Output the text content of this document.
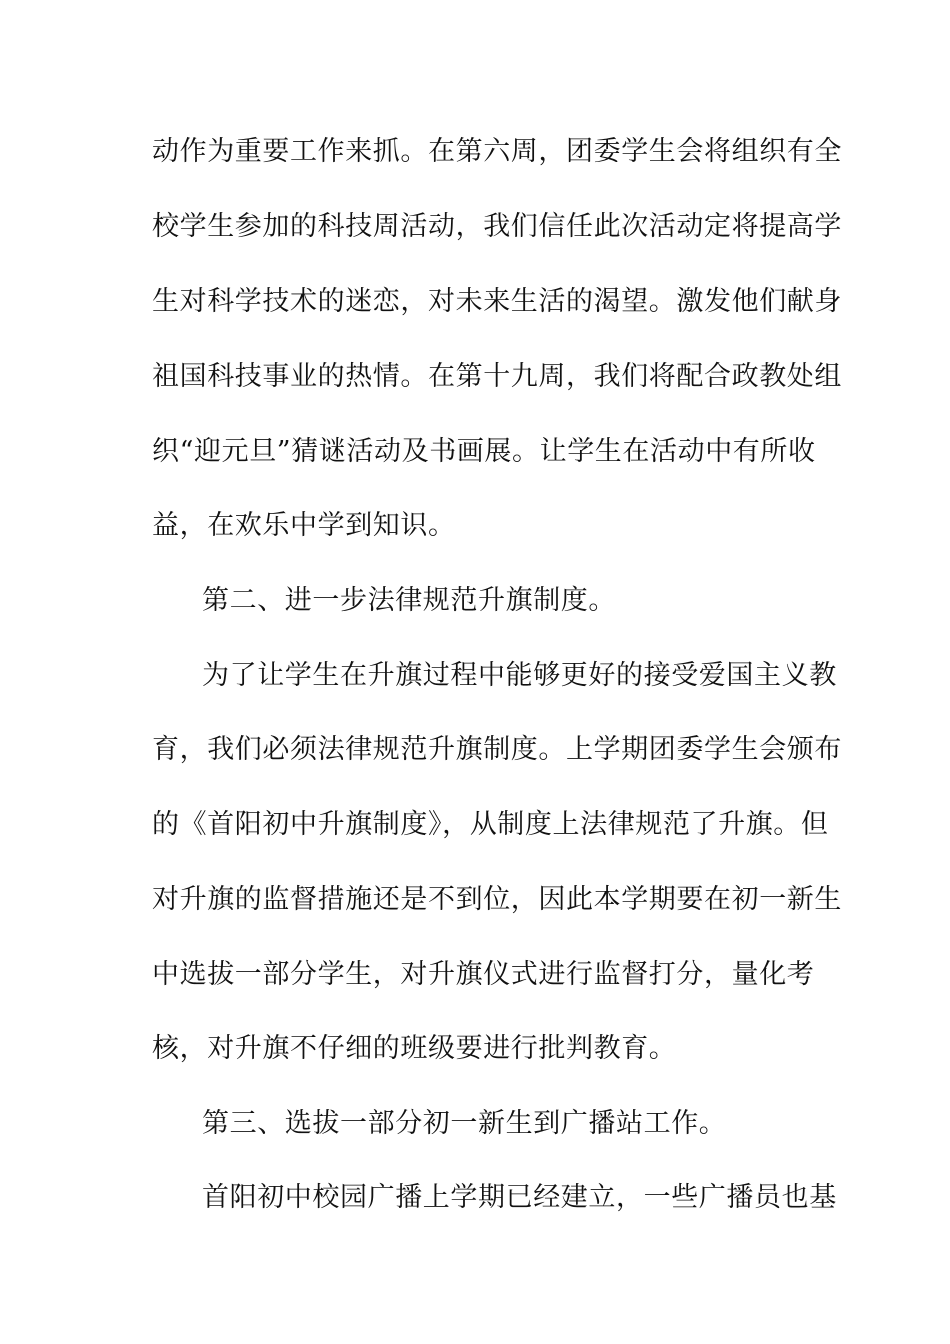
动作为重要工作来抓。在第六周，团委学生会将组织有全
校学生参加的科技周活动，我们信任此次活动定将提高学
生对科学技术的迷恋，对未来生活的渴望。激发他们献身
祖国科技事业的热情。在第十九周，我们将配合政教处组
织“迎元旦”猜谜活动及书画展。让学生在活动中有所收
益，在欢乐中学到知识。
第二、进一步法律规范升旗制度。
为了让学生在升旗过程中能够更好的接受爱国主义教
育，我们必须法律规范升旗制度。上学期团委学生会颁布
的《首阳初中升旗制度》，从制度上法律规范了升旗。但
对升旗的监督措施还是不到位，因此本学期要在初一新生
中选拔一部分学生，对升旗仪式进行监督打分，量化考
核，对升旗不仔细的班级要进行批判教育。
第三、选拔一部分初一新生到广播站工作。
首阳初中校园广播上学期已经建立，一些广播员也基
